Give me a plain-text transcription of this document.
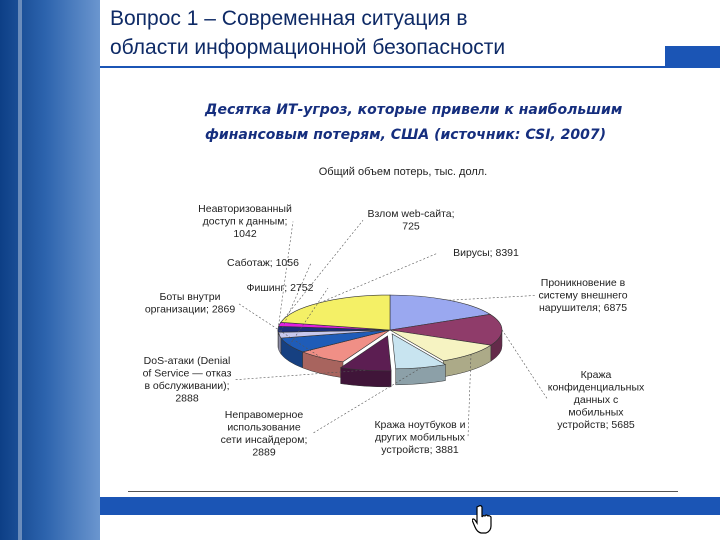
Вопрос 1 – Современная ситуация в
области информационной безопасности
Десятка ИТ-угроз, которые привели к наибольшим
финансовым потерям, США (источник: CSI, 2007)
Общий объем потерь, тыс. долл.
Проникновение в систему внешнего нарушителя; 6875
Кража конфиденциальных данных с мобильных устройств; 5685
Кража ноутбуков и других мобильных устройств; 3881
Неправомерное использование сети инсайдером; 2889
DoS-атаки (Denial of Service — отказ в обслуживании); 2888
Боты внутри организации; 2869
Фишинг; 2752
Саботаж; 1056
Неавторизованный доступ к данным; 1042
Взлом web-сайта; 725
Вирусы; 8391
